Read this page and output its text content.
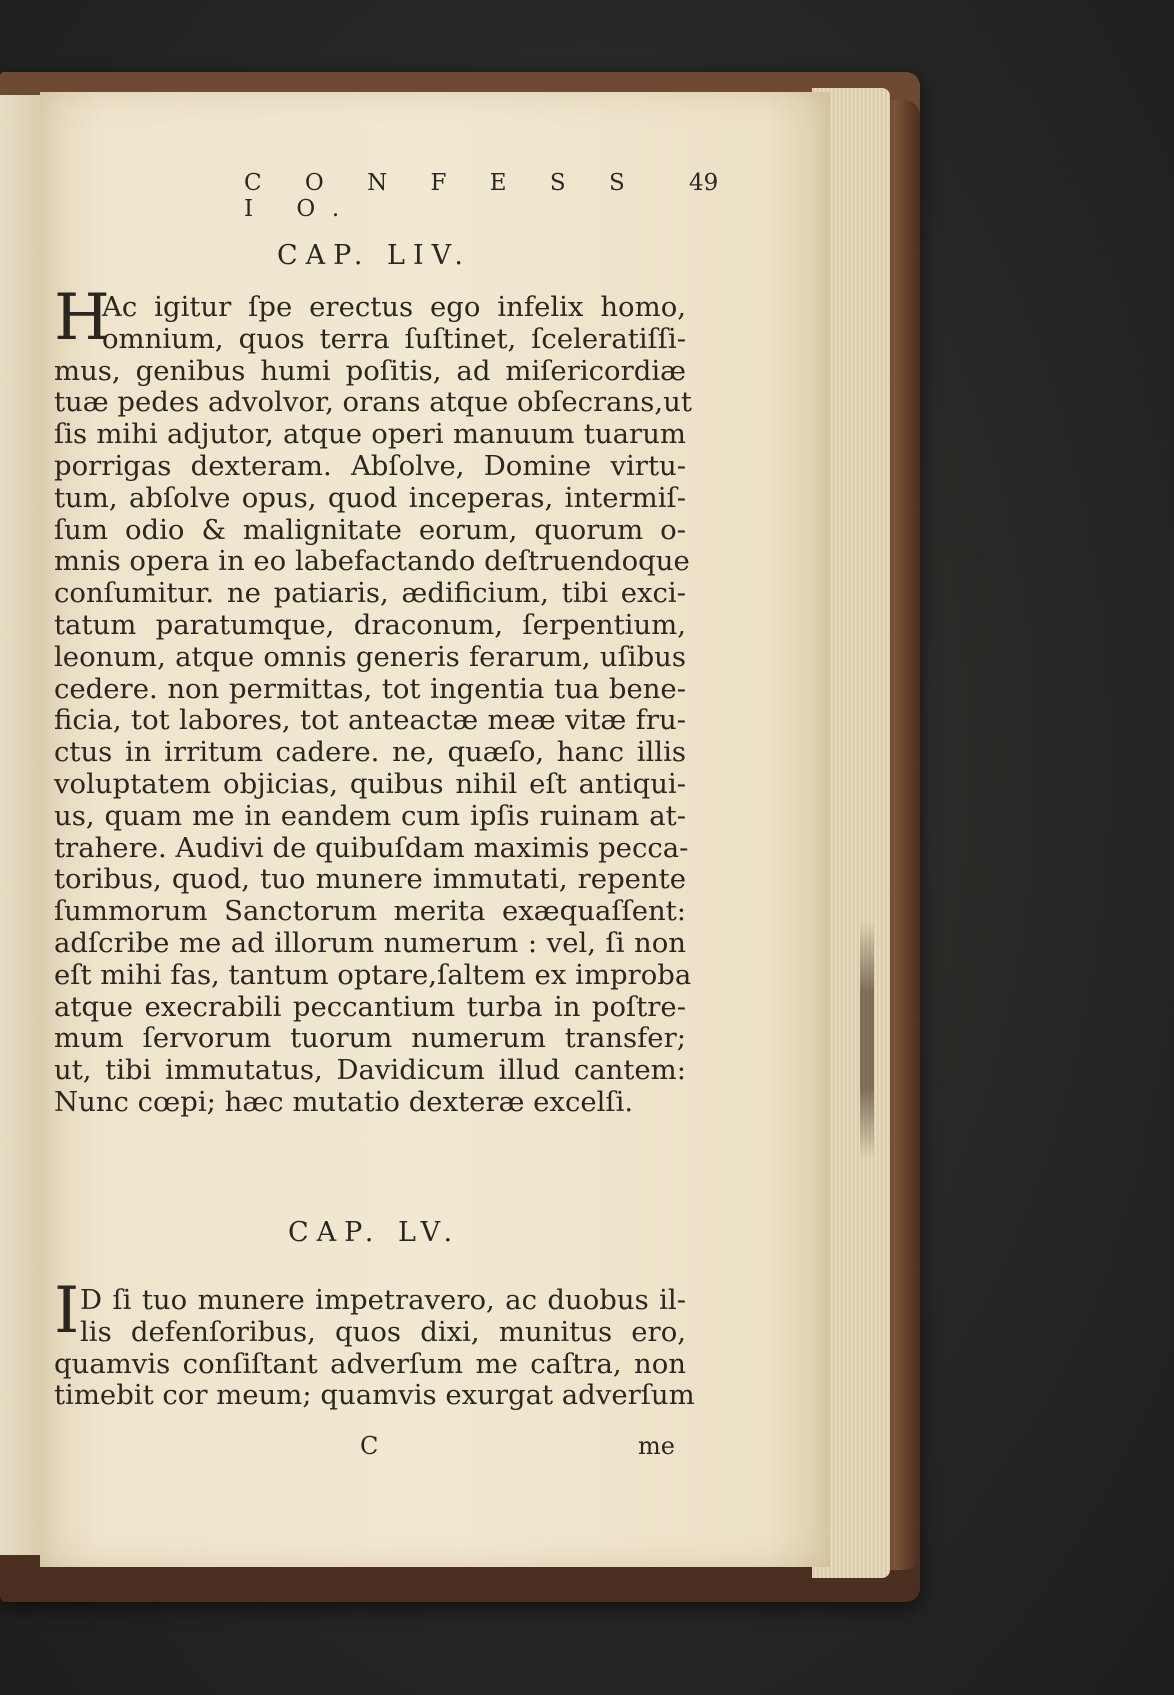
C O N F E S S I O.
49
CAP. LIV.
H
Ac igitur ſpe erectus ego infelix homo,
omnium, quos terra ſuſtinet, ſceleratiſſi-
mus, genibus humi poſitis, ad miſericordiæ
tuæ pedes advolvor, orans atque obſecrans,ut
ſis mihi adjutor, atque operi manuum tuarum
porrigas dexteram. Abſolve, Domine virtu-
tum, abſolve opus, quod inceperas, intermiſ-
ſum odio & malignitate eorum, quorum o-
mnis opera in eo labefactando deſtruendoque
conſumitur. ne patiaris, ædificium, tibi exci-
tatum paratumque, draconum, ſerpentium,
leonum, atque omnis generis ferarum, uſibus
cedere. non permittas, tot ingentia tua bene-
ficia, tot labores, tot anteactæ meæ vitæ fru-
ctus in irritum cadere. ne, quæſo, hanc illis
voluptatem objicias, quibus nihil eſt antiqui-
us, quam me in eandem cum ipſis ruinam at-
trahere. Audivi de quibuſdam maximis pecca-
toribus, quod, tuo munere immutati, repente
ſummorum Sanctorum merita exæquaſſent:
adſcribe me ad illorum numerum : vel, ſi non
eſt mihi fas, tantum optare,ſaltem ex improba
atque execrabili peccantium turba in poſtre-
mum ſervorum tuorum numerum transfer;
ut, tibi immutatus, Davidicum illud cantem:
Nunc cœpi; hæc mutatio dexteræ excelſi.
CAP. LV.
I D ſi tuo munere impetravero, ac duobus il-
lis defenſoribus, quos dixi, munitus ero,
quamvis conſiſtant adverſum me caſtra, non
timebit cor meum; quamvis exurgat adverſum
C	me
